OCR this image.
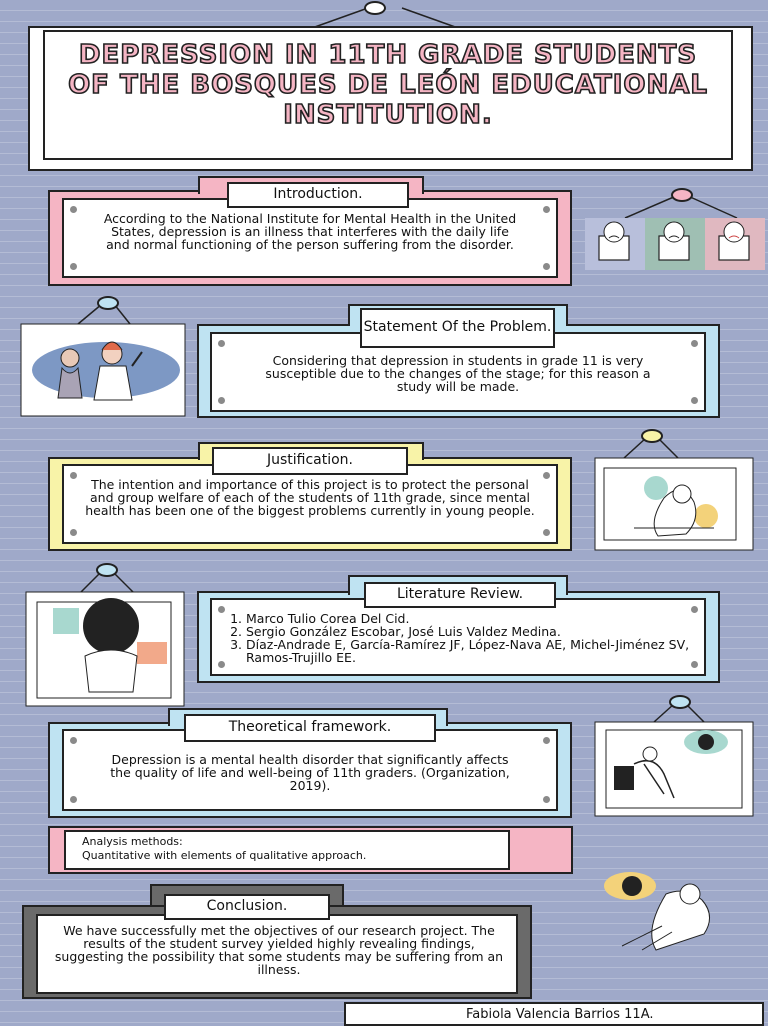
DEPRESSION IN 11TH GRADE STUDENTS OF THE BOSQUES DE LEÓN EDUCATIONAL INSTITUTION.
According to the National Institute for Mental Health in the United States, depression is an illness that interferes with the daily life and normal functioning of the person suffering from the disorder.
Introduction.
Considering that depression in students in grade 11 is very susceptible due to the changes of the stage; for this reason a study will be made.
Statement Of the Problem.
The intention and importance of this project is to protect the personal and group welfare of each of the students of 11th grade, since mental health has been one of the biggest problems currently in young people.
Justification.
1. Marco Tulio Corea Del Cid.
2. Sergio González Escobar, José Luis Valdez Medina.
3. Díaz-Andrade E, García-Ramírez JF, López-Nava AE, Michel-Jiménez SV, Ramos-Trujillo EE.
Literature Review.
Depression is a mental health disorder that significantly affects the quality of life and well-being of 11th graders. (Organization, 2019).
Theoretical framework.
Analysis methods:
Quantitative with elements of qualitative approach.
We have successfully met the objectives of our research project. The results of the student survey yielded highly revealing findings, suggesting the possibility that some students may be suffering from an illness.
Conclusion.
Fabiola Valencia Barrios 11A.
